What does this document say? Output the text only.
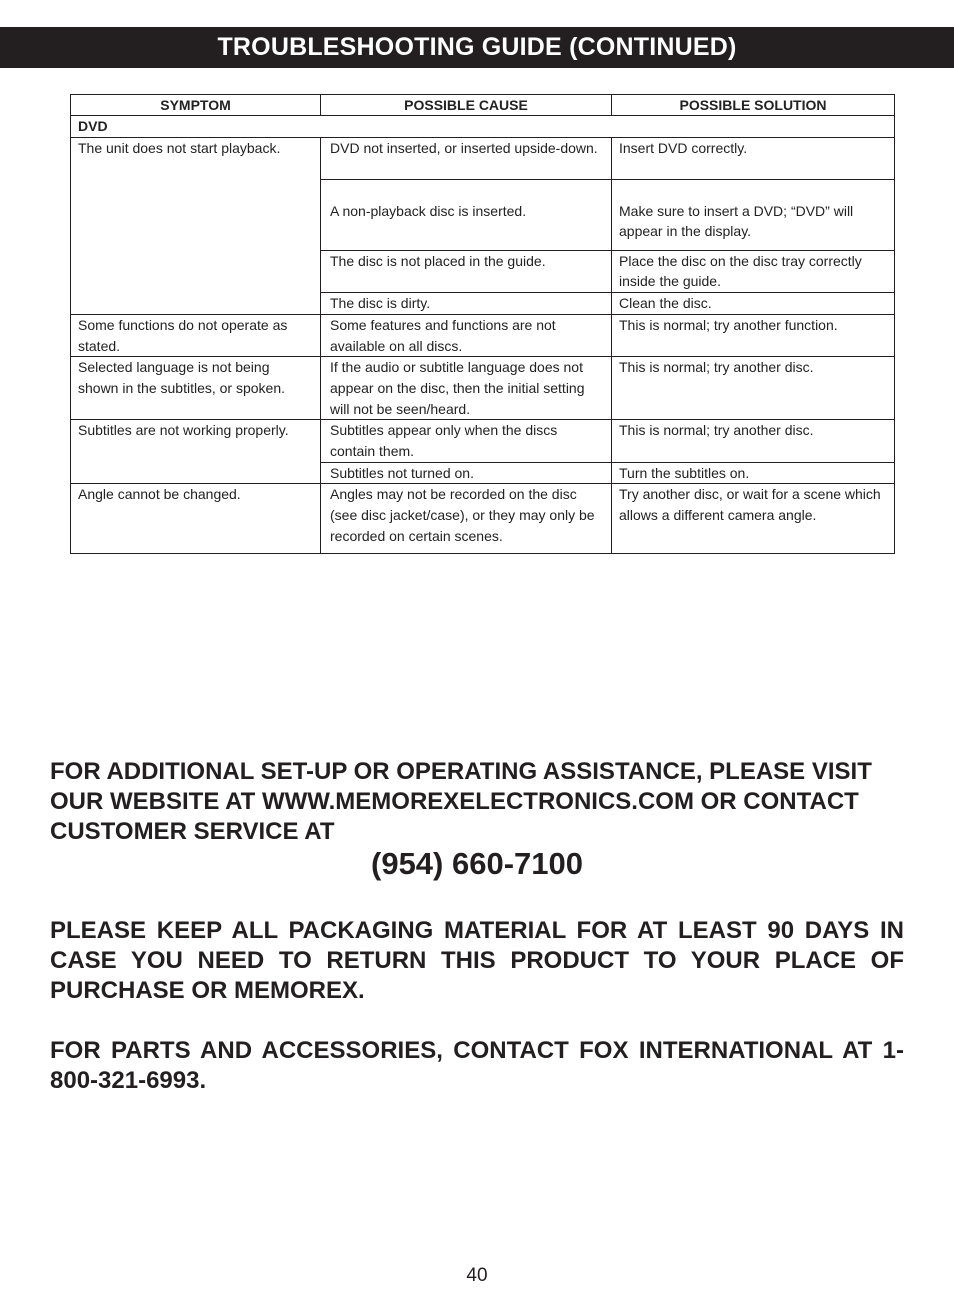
TROUBLESHOOTING GUIDE (CONTINUED)
SYMPTOM	POSSIBLE CAUSE	POSSIBLE SOLUTION
DVD		
The unit does not start playback.	DVD not inserted, or inserted upside-down.	Insert DVD correctly.
	A non-playback disc is inserted.	Make sure to insert a DVD; “DVD” will appear in the display.
	The disc is not placed in the guide.	Place the disc on the disc tray correctly inside the guide.
	The disc is dirty.	Clean the disc.
Some functions do not operate as stated.	Some features and functions are not available on all discs.	This is normal; try another function.
Selected language is not being shown in the subtitles, or spoken.	If the audio or subtitle language does not appear on the disc, then the initial setting will not be seen/heard.	This is normal; try another disc.
Subtitles are not working properly.	Subtitles appear only when the discs contain them.	This is normal; try another disc.
	Subtitles not turned on.	Turn the subtitles on.
Angle cannot be changed.	Angles may not be recorded on the disc (see disc jacket/case), or they may only be recorded on certain scenes.	Try another disc, or wait for a scene which allows a different camera angle.

FOR ADDITIONAL SET-UP OR OPERATING ASSISTANCE, PLEASE VISIT OUR WEBSITE AT WWW.MEMOREXELECTRONICS.COM OR CONTACT CUSTOMER SERVICE AT

(954) 660-7100

PLEASE KEEP ALL PACKAGING MATERIAL FOR AT LEAST 90 DAYS IN CASE YOU NEED TO RETURN THIS PRODUCT TO YOUR PLACE OF PURCHASE OR MEMOREX.

FOR PARTS AND ACCESSORIES, CONTACT FOX INTERNATIONAL AT 1-800-321-6993.

40
